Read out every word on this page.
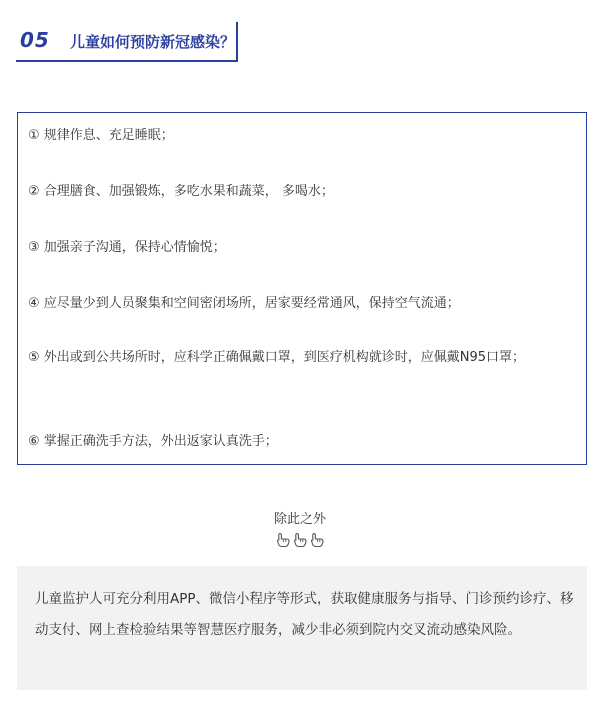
05 儿童如何预防新冠感染？
① 规律作息、充足睡眠；
② 合理膳食、加强锻炼，多吃水果和蔬菜， 多喝水；
③ 加强亲子沟通，保持心情愉悦；
④ 应尽量少到人员聚集和空间密闭场所，居家要经常通风，保持空气流通；
⑤ 外出或到公共场所时，应科学正确佩戴口罩，到医疗机构就诊时，应佩戴N95口罩；
⑥ 掌握正确洗手方法，外出返家认真洗手；
除此之外
儿童监护人可充分利用APP、微信小程序等形式，获取健康服务与指导、门诊预约诊疗、移动支付、网上查检验结果等智慧医疗服务，减少非必须到院内交叉流动感染风险。
